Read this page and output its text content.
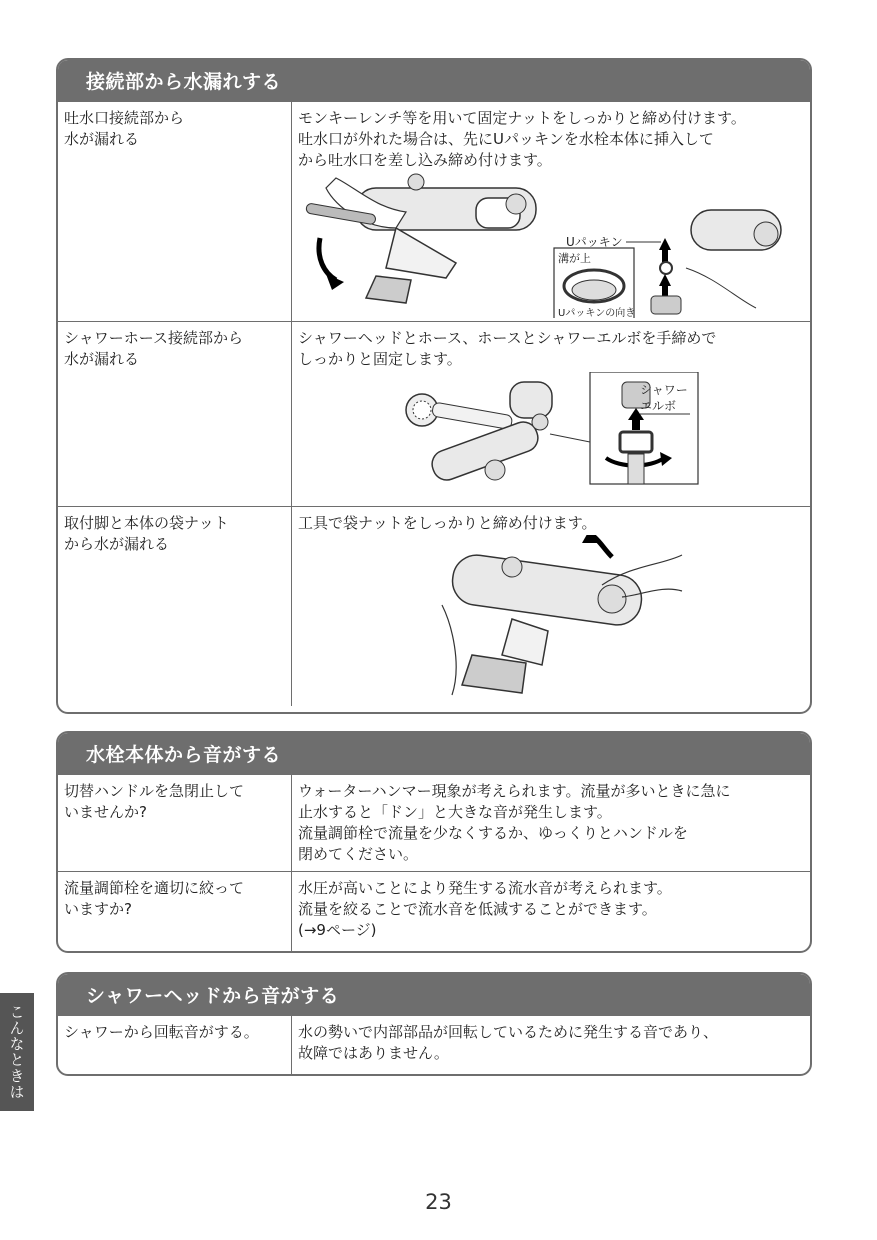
接続部から水漏れする
吐水口接続部から
水が漏れる
モンキーレンチ等を用いて固定ナットをしっかりと締め付けます。
吐水口が外れた場合は、先にUパッキンを水栓本体に挿入して
から吐水口を差し込み締め付けます。
溝が上
Uパッキンの向き
Uパッキン
シャワーホース接続部から
水が漏れる
シャワーヘッドとホース、ホースとシャワーエルボを手締めで
しっかりと固定します。
シャワー
エルボ
取付脚と本体の袋ナット
から水が漏れる
工具で袋ナットをしっかりと締め付けます。
水栓本体から音がする
切替ハンドルを急閉止して
いませんか?
ウォーターハンマー現象が考えられます。流量が多いときに急に
止水すると「ドン」と大きな音が発生します。
流量調節栓で流量を少なくするか、ゆっくりとハンドルを
閉めてください。
流量調節栓を適切に絞って
いますか?
水圧が高いことにより発生する流水音が考えられます。
流量を絞ることで流水音を低減することができます。
(→9ページ)
シャワーヘッドから音がする
シャワーから回転音がする。	水の勢いで内部部品が回転しているために発生する音であり、
故障ではありません。
こんなときは
23
